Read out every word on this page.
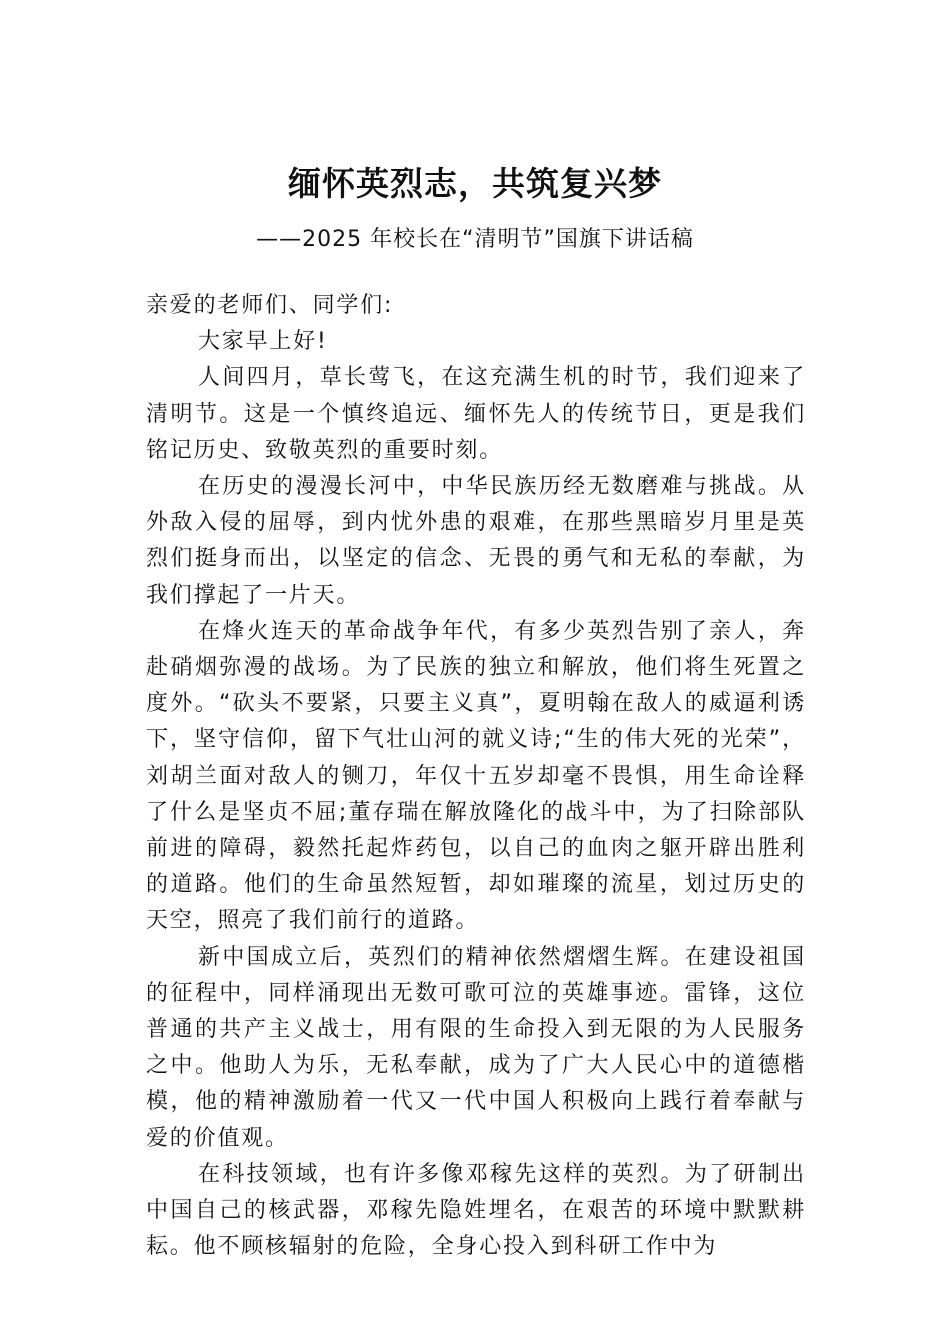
缅怀英烈志，共筑复兴梦
——2025 年校长在“清明节”国旗下讲话稿

亲爱的老师们、同学们:

大家早上好!

人间四月，草长莺飞，在这充满生机的时节，我们迎来了清明节。这是一个慎终追远、缅怀先人的传统节日，更是我们铭记历史、致敬英烈的重要时刻。

在历史的漫漫长河中，中华民族历经无数磨难与挑战。从外敌入侵的屈辱，到内忧外患的艰难，在那些黑暗岁月里是英烈们挺身而出，以坚定的信念、无畏的勇气和无私的奉献，为我们撑起了一片天。

在烽火连天的革命战争年代，有多少英烈告别了亲人，奔赴硝烟弥漫的战场。为了民族的独立和解放，他们将生死置之度外。“砍头不要紧，只要主义真”，夏明翰在敌人的威逼利诱下，坚守信仰，留下气壮山河的就义诗;“生的伟大死的光荣”，刘胡兰面对敌人的铡刀，年仅十五岁却毫不畏惧，用生命诠释了什么是坚贞不屈;董存瑞在解放隆化的战斗中，为了扫除部队前进的障碍，毅然托起炸药包，以自己的血肉之躯开辟出胜利的道路。他们的生命虽然短暂，却如璀璨的流星，划过历史的天空，照亮了我们前行的道路。

新中国成立后，英烈们的精神依然熠熠生辉。在建设祖国的征程中，同样涌现出无数可歌可泣的英雄事迹。雷锋，这位普通的共产主义战士，用有限的生命投入到无限的为人民服务之中。他助人为乐，无私奉献，成为了广大人民心中的道德楷模，他的精神激励着一代又一代中国人积极向上践行着奉献与爱的价值观。

在科技领域，也有许多像邓稼先这样的英烈。为了研制出中国自己的核武器，邓稼先隐姓埋名，在艰苦的环境中默默耕耘。他不顾核辐射的危险，全身心投入到科研工作中为
